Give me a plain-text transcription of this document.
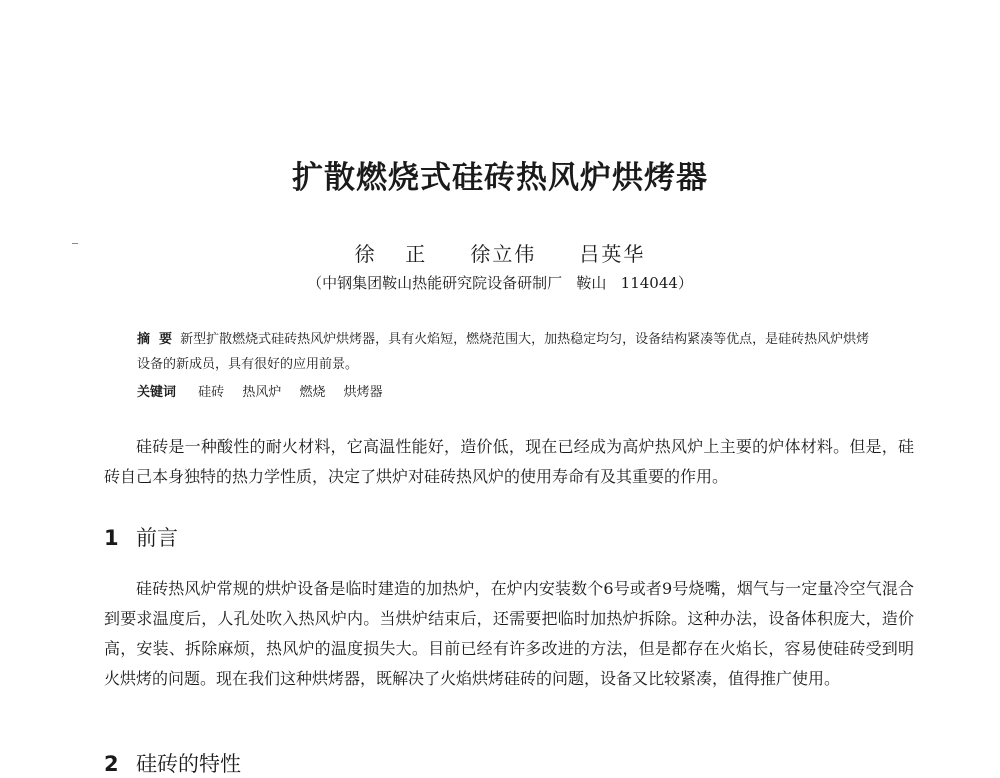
扩散燃烧式硅砖热风炉烘烤器
徐  正   徐立伟   吕英华
（中钢集团鞍山热能研究院设备研制厂   鞍山   114044）
摘  要 新型扩散燃烧式硅砖热风炉烘烤器，具有火焰短，燃烧范围大，加热稳定均匀，设备结构紧凑等优点，是硅砖热风炉烘烤设备的新成员，具有很好的应用前景。
关键词 硅砖 热风炉 燃烧 烘烤器
硅砖是一种酸性的耐火材料，它高温性能好，造价低，现在已经成为高炉热风炉上主要的炉体材料。但是，硅砖自己本身独特的热力学性质，决定了烘炉对硅砖热风炉的使用寿命有及其重要的作用。
1 前言
硅砖热风炉常规的烘炉设备是临时建造的加热炉，在炉内安装数个6号或者9号烧嘴，烟气与一定量冷空气混合到要求温度后，人孔处吹入热风炉内。当烘炉结束后，还需要把临时加热炉拆除。这种办法，设备体积庞大，造价高，安装、拆除麻烦，热风炉的温度损失大。目前已经有许多改进的方法，但是都存在火焰长，容易使硅砖受到明火烘烤的问题。现在我们这种烘烤器，既解决了火焰烘烤硅砖的问题，设备又比较紧凑，值得推广使用。
2 硅砖的特性
